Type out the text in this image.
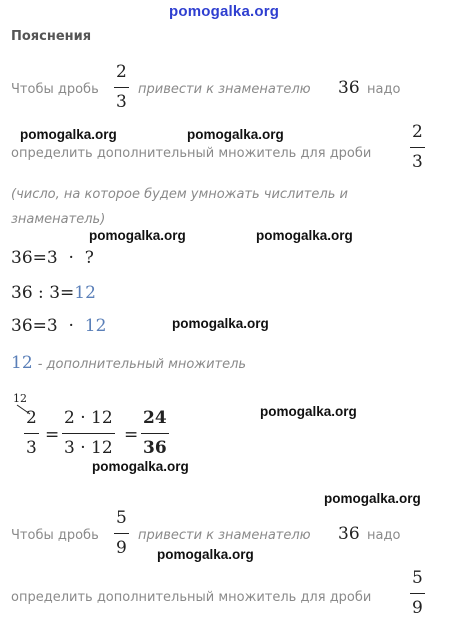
pomogalka.org
Пояснения
Чтобы дробь
2
3
привести к знаменателю 36 надо
pomogalka.org	pomogalka.org
определить дополнительный множитель для дроби
2
3
(число, на которое будем умножать числитель и
знаменатель)
pomogalka.org	pomogalka.org
36=3 · ?
36 : 3=12
36=3 · 12	pomogalka.org
12 - дополнительный множитель
12
2
3
=
2 · 12
3 · 12
=
24
36
pomogalka.org
pomogalka.org
pomogalka.org
Чтобы дробь
5
9
привести к знаменателю 36 надо
pomogalka.org
определить дополнительный множитель для дроби
5
9
